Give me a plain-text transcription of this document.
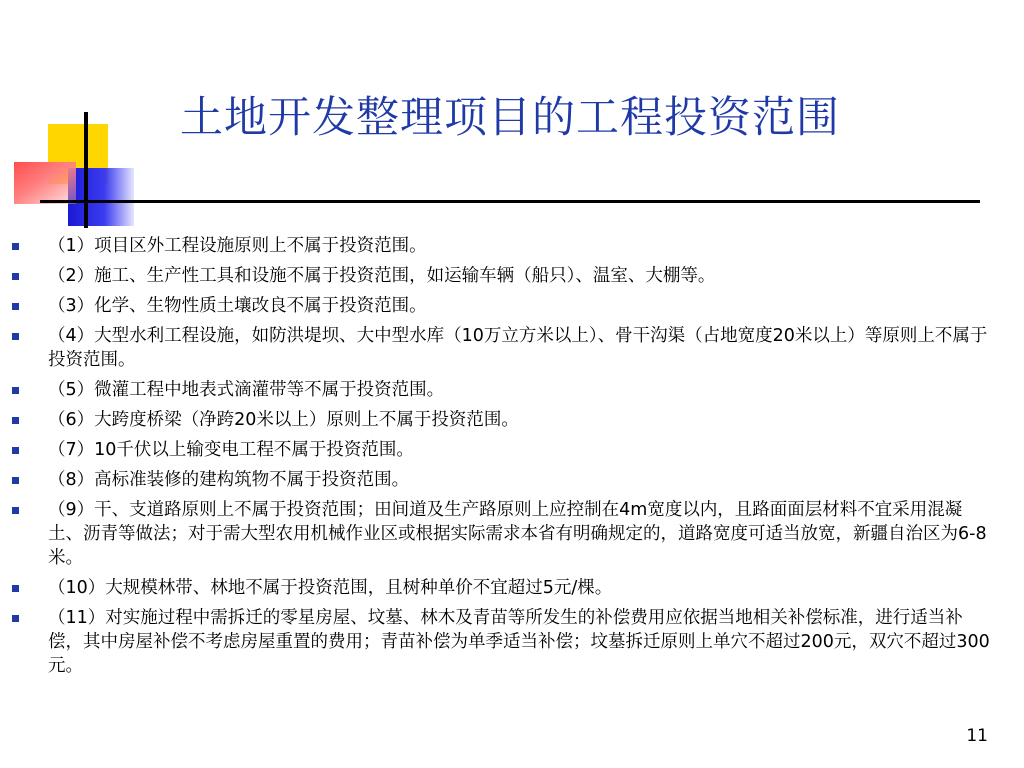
土地开发整理项目的工程投资范围
（1）项目区外工程设施原则上不属于投资范围。
（2）施工、生产性工具和设施不属于投资范围，如运输车辆（船只）、温室、大棚等。
（3）化学、生物性质土壤改良不属于投资范围。
（4）大型水利工程设施，如防洪堤坝、大中型水库（10万立方米以上）、骨干沟渠（占地宽度20米以上）等原则上不属于投资范围。
（5）微灌工程中地表式滴灌带等不属于投资范围。
（6）大跨度桥梁（净跨20米以上）原则上不属于投资范围。
（7）10千伏以上输变电工程不属于投资范围。
（8）高标准装修的建构筑物不属于投资范围。
（9）干、支道路原则上不属于投资范围；田间道及生产路原则上应控制在4m宽度以内，且路面面层材料不宜采用混凝土、沥青等做法；对于需大型农用机械作业区或根据实际需求本省有明确规定的，道路宽度可适当放宽，新疆自治区为6-8米。
（10）大规模林带、林地不属于投资范围，且树种单价不宜超过5元/棵。
（11）对实施过程中需拆迁的零星房屋、坟墓、林木及青苗等所发生的补偿费用应依据当地相关补偿标准，进行适当补偿，其中房屋补偿不考虑房屋重置的费用；青苗补偿为单季适当补偿；坟墓拆迁原则上单穴不超过200元，双穴不超过300元。
11
